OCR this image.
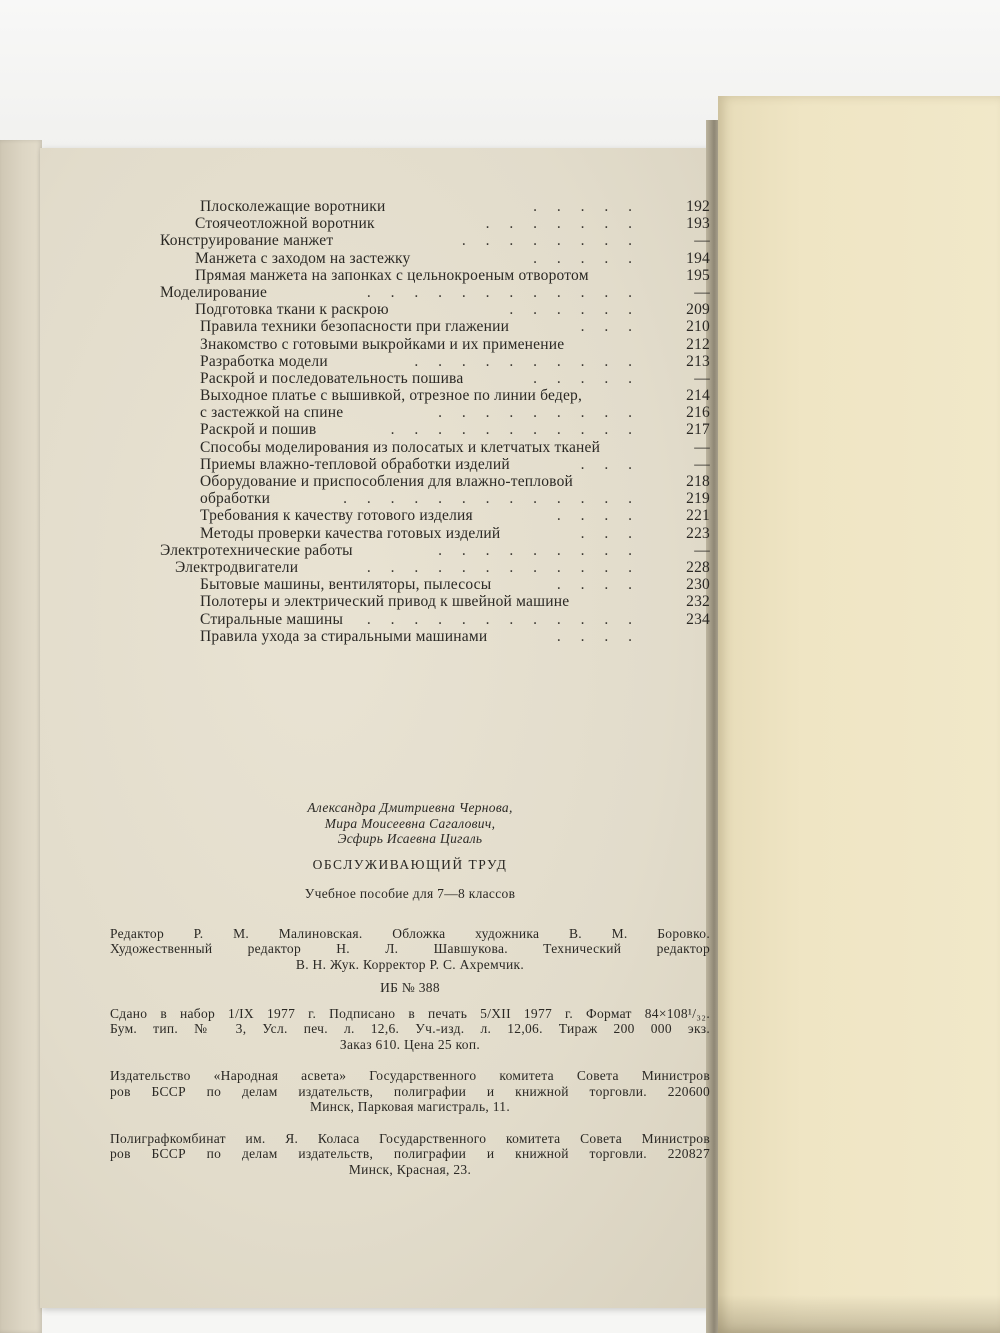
Плосколежащие воротники	. . . . .	192
Стоячеотложной воротник	. . . . . . .	193
Конструирование манжет	. . . . . . . .	—
Манжета с заходом на застежку	. . . . .	194
Прямая манжета на запонках с цельнокроеным отворотом	195
Моделирование	. . . . . . . . . . . .	—
Подготовка ткани к раскрою	. . . . . .	209
Правила техники безопасности при глажении	. . .	210
Знакомство с готовыми выкройками и их применение	212
Разработка модели	. . . . . . . . . .	213
Раскрой и последовательность пошива	. . . . .	—
Выходное платье с вышивкой, отрезное по линии бедер,	214
с застежкой на спине	. . . . . . . . .	216
Раскрой и пошив	. . . . . . . . . . .	217
Способы моделирования из полосатых и клетчатых тканей	—
Приемы влажно-тепловой обработки изделий	. . .	—
Оборудование и приспособления для влажно-тепловой	218
обработки	. . . . . . . . . . . . .	219
Требования к качеству готового изделия	. . . .	221
Методы проверки качества готовых изделий	. . .	223
Электротехнические работы	. . . . . . . . .	—
Электродвигатели	. . . . . . . . . . . .	228
Бытовые машины, вентиляторы, пылесосы	. . . .	230
Полотеры и электрический привод к швейной машине	232
Стиральные машины . . . . . . . . . . . .	234
Правила ухода за стиральными машинами	. . . .
Александра Дмитриевна Чернова,
Мира Моисеевна Сагалович,
Эсфирь Исаевна Цигаль
ОБСЛУЖИВАЮЩИЙ ТРУД
Учебное пособие для 7—8 классов
Редактор Р. М. Малиновская. Обложка художника В. М. Боровко.
Художественный редактор Н. Л. Шавшукова. Технический редактор
В. Н. Жук. Корректор Р. С. Ахремчик.
ИБ № 388
Сдано в набор 1/IX 1977 г. Подписано в печать 5/XII 1977 г. Формат 84×108¹/₃₂.
Бум. тип. № 3, Усл. печ. л. 12,6. Уч.-изд. л. 12,06. Тираж 200 000 экз.
Заказ 610. Цена 25 коп.
Издательство «Народная асвета» Государственного комитета Совета Министров
ров БССР по делам издательств, полиграфии и книжной торговли. 220600
Минск, Парковая магистраль, 11.
Полиграфкомбинат им. Я. Коласа Государственного комитета Совета Министров
ров БССР по делам издательств, полиграфии и книжной торговли. 220827
Минск, Красная, 23.
